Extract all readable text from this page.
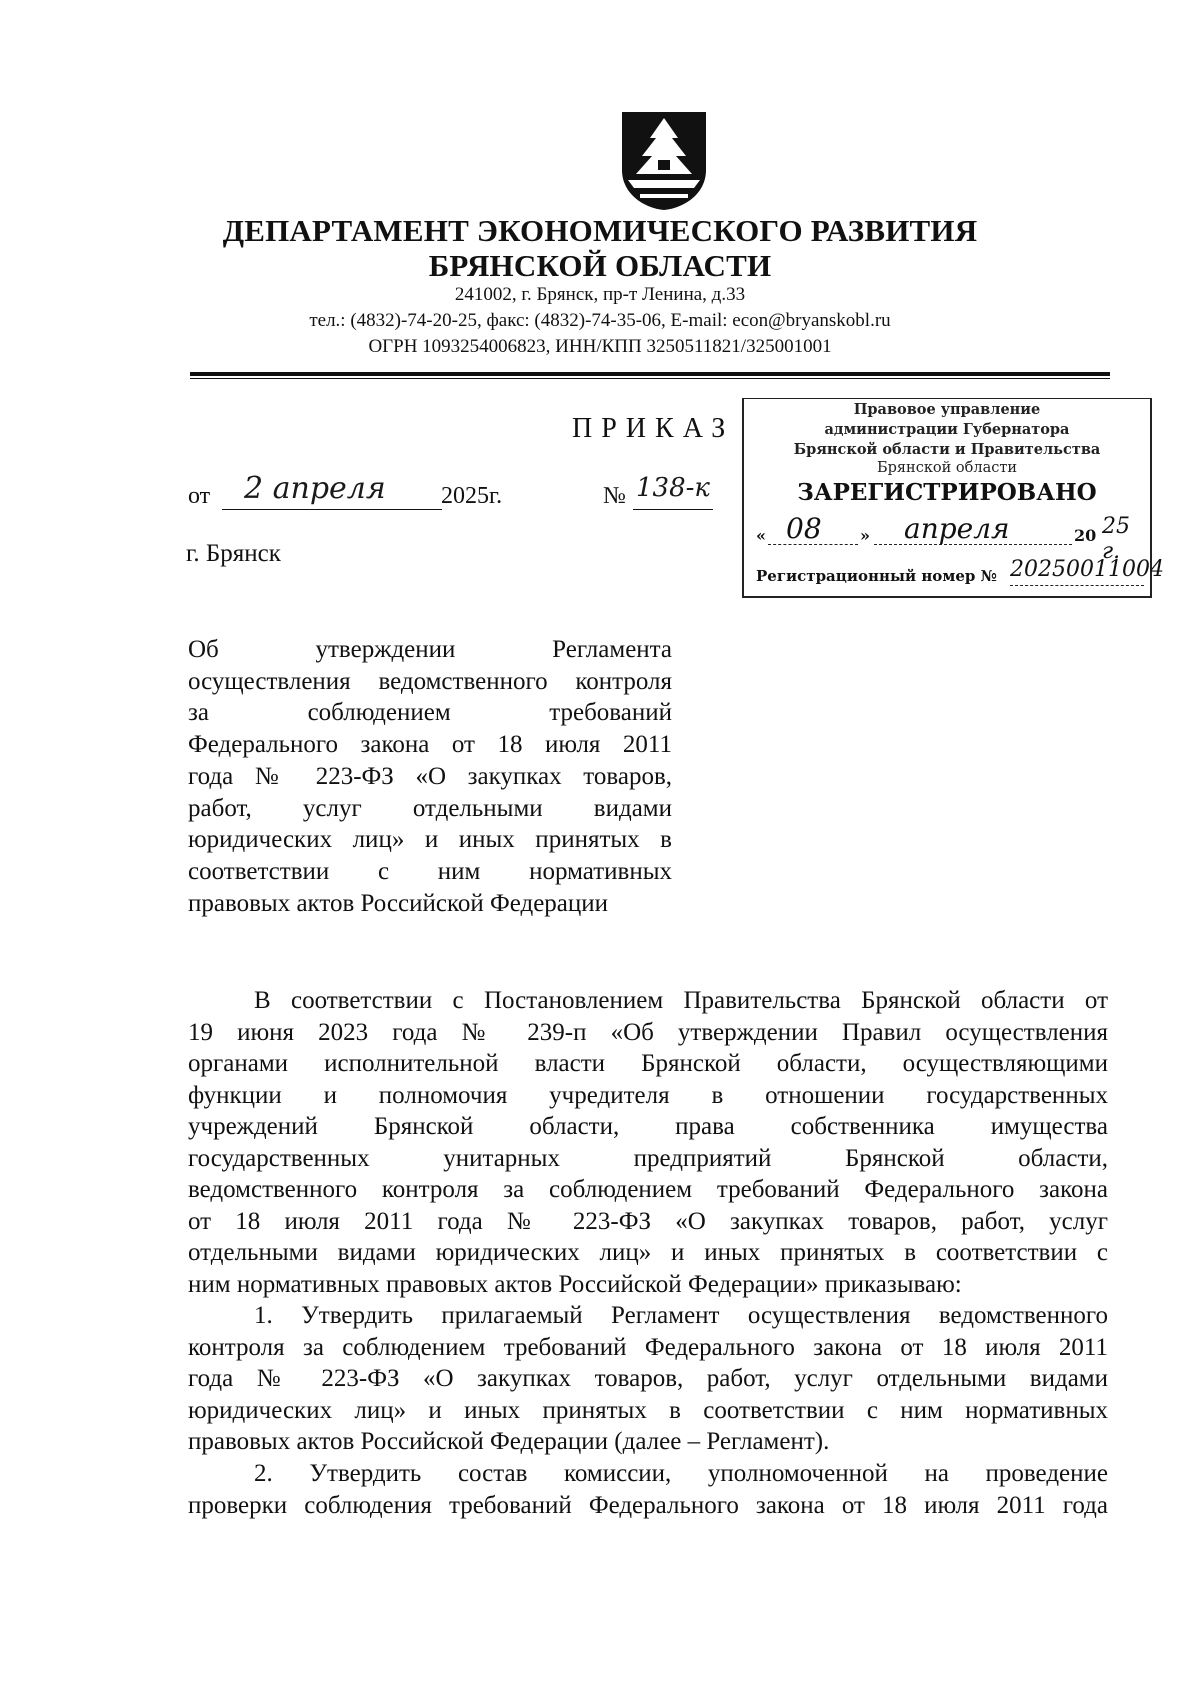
ДЕПАРТАМЕНТ ЭКОНОМИЧЕСКОГО РАЗВИТИЯ
БРЯНСКОЙ ОБЛАСТИ
241002, г. Брянск, пр-т Ленина, д.33
тел.: (4832)-74-20-25, факс: (4832)-74-35-06, E-mail: econ@bryanskobl.ru
ОГРН 1093254006823, ИНН/КПП 3250511821/325001001
ПРИКАЗ
от 2 апреля 2025г.	№ 138-к
г. Брянск
Правовое управление
администрации Губернатора
Брянской области и Правительства
Брянской области
ЗАРЕГИСТРИРОВАНО
« 08 » апреля	20 25 г.
Регистрационный номер № 20250011004
Об утверждении Регламента
осуществления ведомственного контроля
за соблюдением требований
Федерального закона от 18 июля 2011
года № 223-ФЗ «О закупках товаров,
работ, услуг отдельными видами
юридических лиц» и иных принятых в
соответствии с ним нормативных
правовых актов Российской Федерации

В соответствии с Постановлением Правительства Брянской области от
19 июня 2023 года № 239-п «Об утверждении Правил осуществления
органами исполнительной власти Брянской области, осуществляющими
функции и полномочия учредителя в отношении государственных
учреждений Брянской области, права собственника имущества
государственных унитарных предприятий Брянской области,
ведомственного контроля за соблюдением требований Федерального закона
от 18 июля 2011 года № 223-ФЗ «О закупках товаров, работ, услуг
отдельными видами юридических лиц» и иных принятых в соответствии с
ним нормативных правовых актов Российской Федерации» приказываю:

1. Утвердить прилагаемый Регламент осуществления ведомственного
контроля за соблюдением требований Федерального закона от 18 июля 2011
года № 223-ФЗ «О закупках товаров, работ, услуг отдельными видами
юридических лиц» и иных принятых в соответствии с ним нормативных
правовых актов Российской Федерации (далее – Регламент).

2. Утвердить состав комиссии, уполномоченной на проведение
проверки соблюдения требований Федерального закона от 18 июля 2011 года
